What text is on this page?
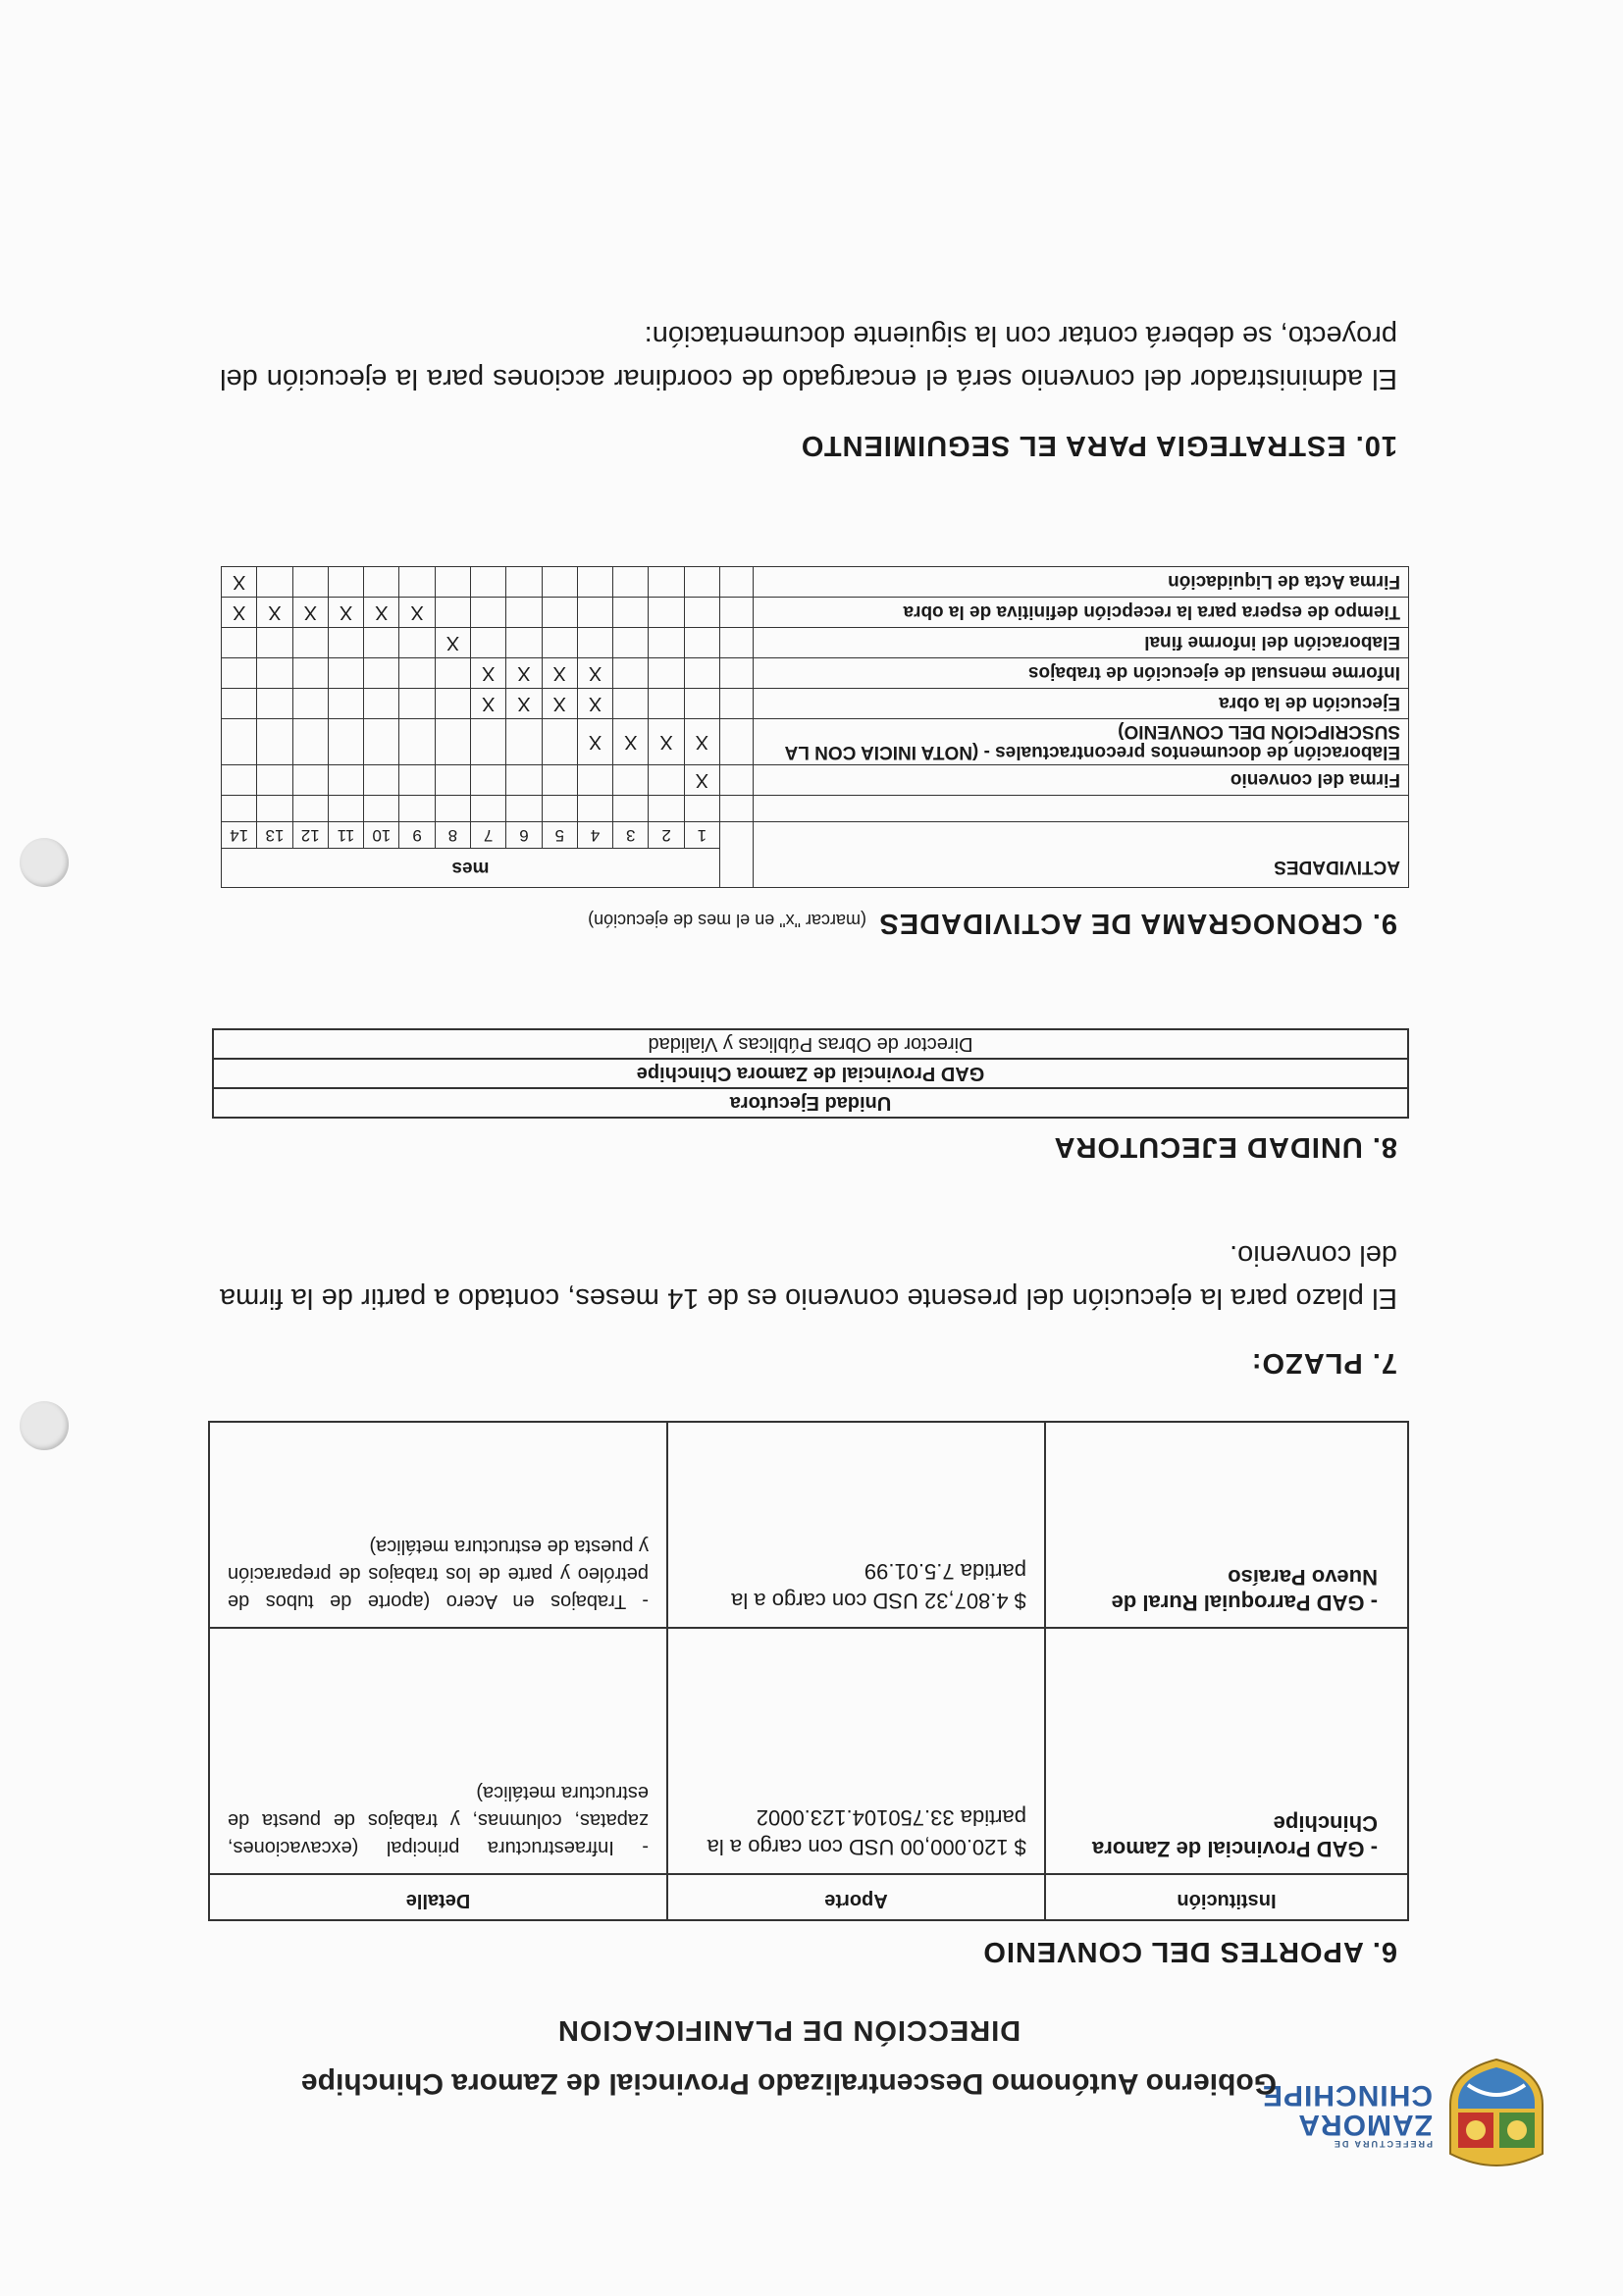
PREFECTURA DE
ZAMORA
CHINCHIPE
Gobierno Autónomo Descentralizado Provincial de Zamora Chinchipe
DIRECCIÓN DE PLANIFICACION
6. APORTES DEL CONVENIO
Institución	Aporte	Detalle
- GAD Provincial de Zamora Chinchipe	$ 120.000,00 USD con cargo a la partida 33.750104.123.0002	- Infraestructura principal (excavaciones, zapatas, columnas, y trabajos de puesta de estructura metálica)
- GAD Parroquial Rural de Nuevo Paraíso	$ 4.807,32 USD con cargo a la partida 7.5.01.99	- Trabajos en Acero (aporte de tubos de petróleo y parte de los trabajos de preparación y puesta de estructura metálica)
7. PLAZO:
El plazo para la ejecución del presente convenio es de 14 meses, contado a partir de la firma del convenio.
8. UNIDAD EJECUTORA
Unidad Ejecutora
GAD Provincial de Zamora Chinchipe
Director de Obras Públicas y Vialidad
9. CRONOGRAMA DE ACTIVIDADES (marcar "x" en el mes de ejecución)
ACTIVIDADES		mes													
		1	2	3	4	5	6	7	8	9	10	11	12	13	14

Firma del convenio		X													
Elaboración de documentos precontractuales - (NOTA INICIA CON LA SUSCRIPCIÓN DEL CONVENIO)		X	X	X	X										
Ejecución de la obra					X	X	X	X							
Informe mensual de ejecución de trabajos					X	X	X	X							
Elaboración del informe final									X						
Tiempo de espera para la recepción definitiva de la obra										X	X	X	X	X	X
Firma Acta de Liquidación															X
10. ESTRATEGIA PARA EL SEGUIMIENTO
El administrador del convenio será el encargado de coordinar acciones para la ejecución del proyecto, se deberá contar con la siguiente documentación:
